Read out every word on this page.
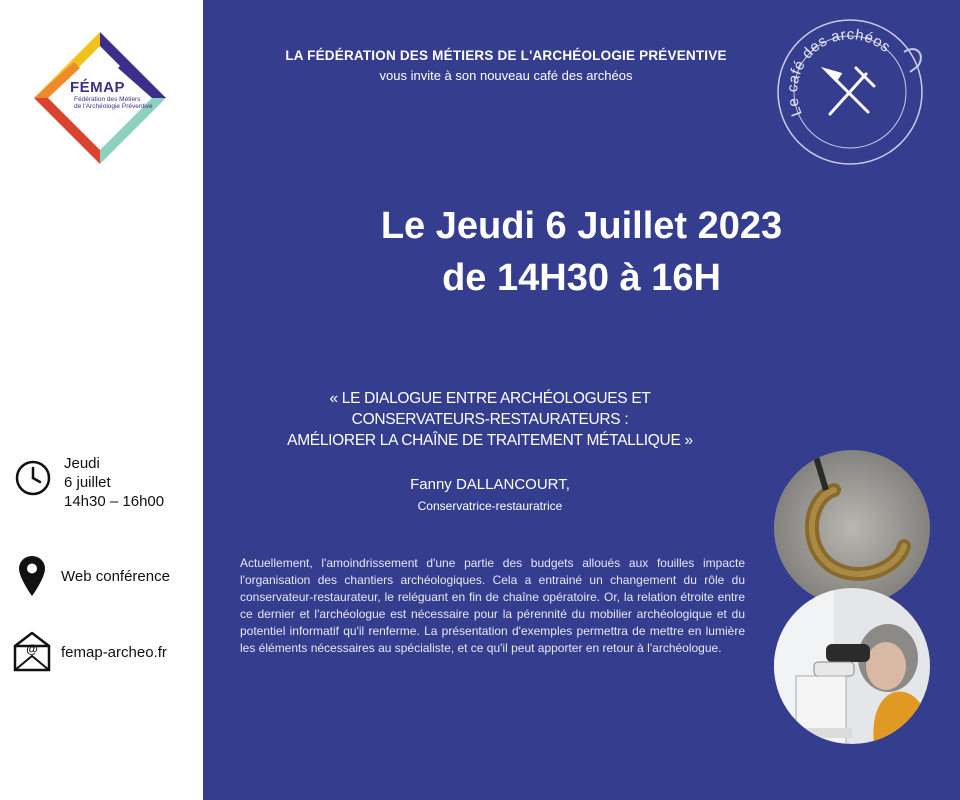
FÉMAP
Fédération des Métiers
de l'Archéologie Préventive
Jeudi
6 juillet
14h30 – 16h00
Web conférence
@ femap-archeo.fr
LA FÉDÉRATION DES MÉTIERS DE L'ARCHÉOLOGIE PRÉVENTIVE
vous invite à son nouveau café des archéos
Le café des archéos
Le Jeudi 6 Juillet 2023
de 14H30 à 16H
« LE DIALOGUE ENTRE ARCHÉOLOGUES ET
CONSERVATEURS-RESTAURATEURS :
AMÉLIORER LA CHAÎNE DE TRAITEMENT MÉTALLIQUE »
Fanny DALLANCOURT,
Conservatrice-restauratrice
Actuellement, l'amoindrissement d'une partie des budgets alloués aux fouilles impacte l'organisation des chantiers archéologiques. Cela a entrainé un changement du rôle du conservateur-restaurateur, le reléguant en fin de chaîne opératoire. Or, la relation étroite entre ce dernier et l'archéologue est nécessaire pour la pérennité du mobilier archéologique et du potentiel informatif qu'il renferme. La présentation d'exemples permettra de mettre en lumière les éléments nécessaires au spécialiste, et ce qu'il peut apporter en retour à l'archéologue.
